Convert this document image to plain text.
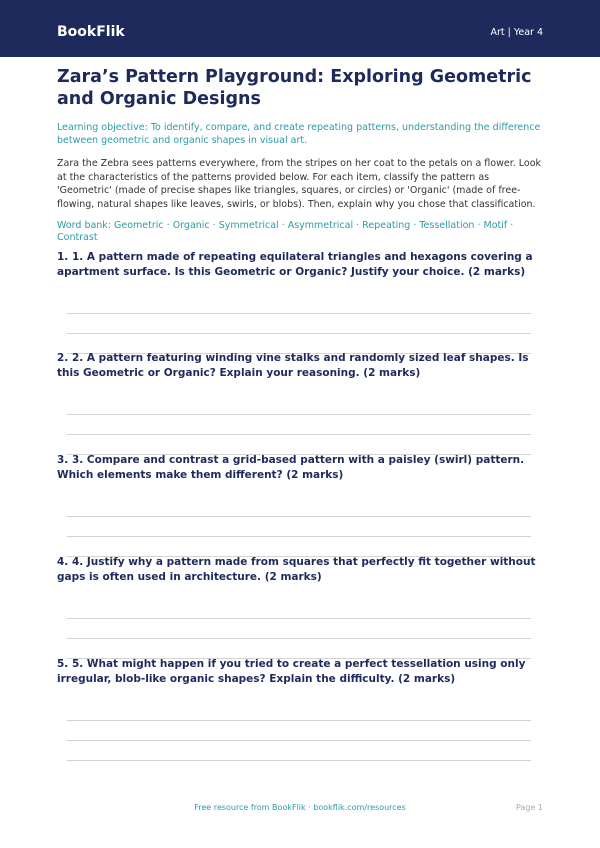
BookFlik	Art | Year 4
Zara’s Pattern Playground: Exploring Geometric and Organic Designs

Learning objective: To identify, compare, and create repeating patterns, understanding the difference between geometric and organic shapes in visual art.

Zara the Zebra sees patterns everywhere, from the stripes on her coat to the petals on a flower. Look at the characteristics of the patterns provided below. For each item, classify the pattern as 'Geometric' (made of precise shapes like triangles, squares, or circles) or 'Organic' (made of free-flowing, natural shapes like leaves, swirls, or blobs). Then, explain why you chose that classification.

Word bank: Geometric · Organic · Symmetrical · Asymmetrical · Repeating · Tessellation · Motif · Contrast

1. 1. A pattern made of repeating equilateral triangles and hexagons covering a apartment surface. Is this Geometric or Organic? Justify your choice. (2 marks)

2. 2. A pattern featuring winding vine stalks and randomly sized leaf shapes. Is this Geometric or Organic? Explain your reasoning. (2 marks)

3. 3. Compare and contrast a grid-based pattern with a paisley (swirl) pattern. Which elements make them different? (2 marks)

4. 4. Justify why a pattern made from squares that perfectly fit together without gaps is often used in architecture. (2 marks)

5. 5. What might happen if you tried to create a perfect tessellation using only irregular, blob-like organic shapes? Explain the difficulty. (2 marks)

Free resource from BookFlik · bookflik.com/resources	Page 1
